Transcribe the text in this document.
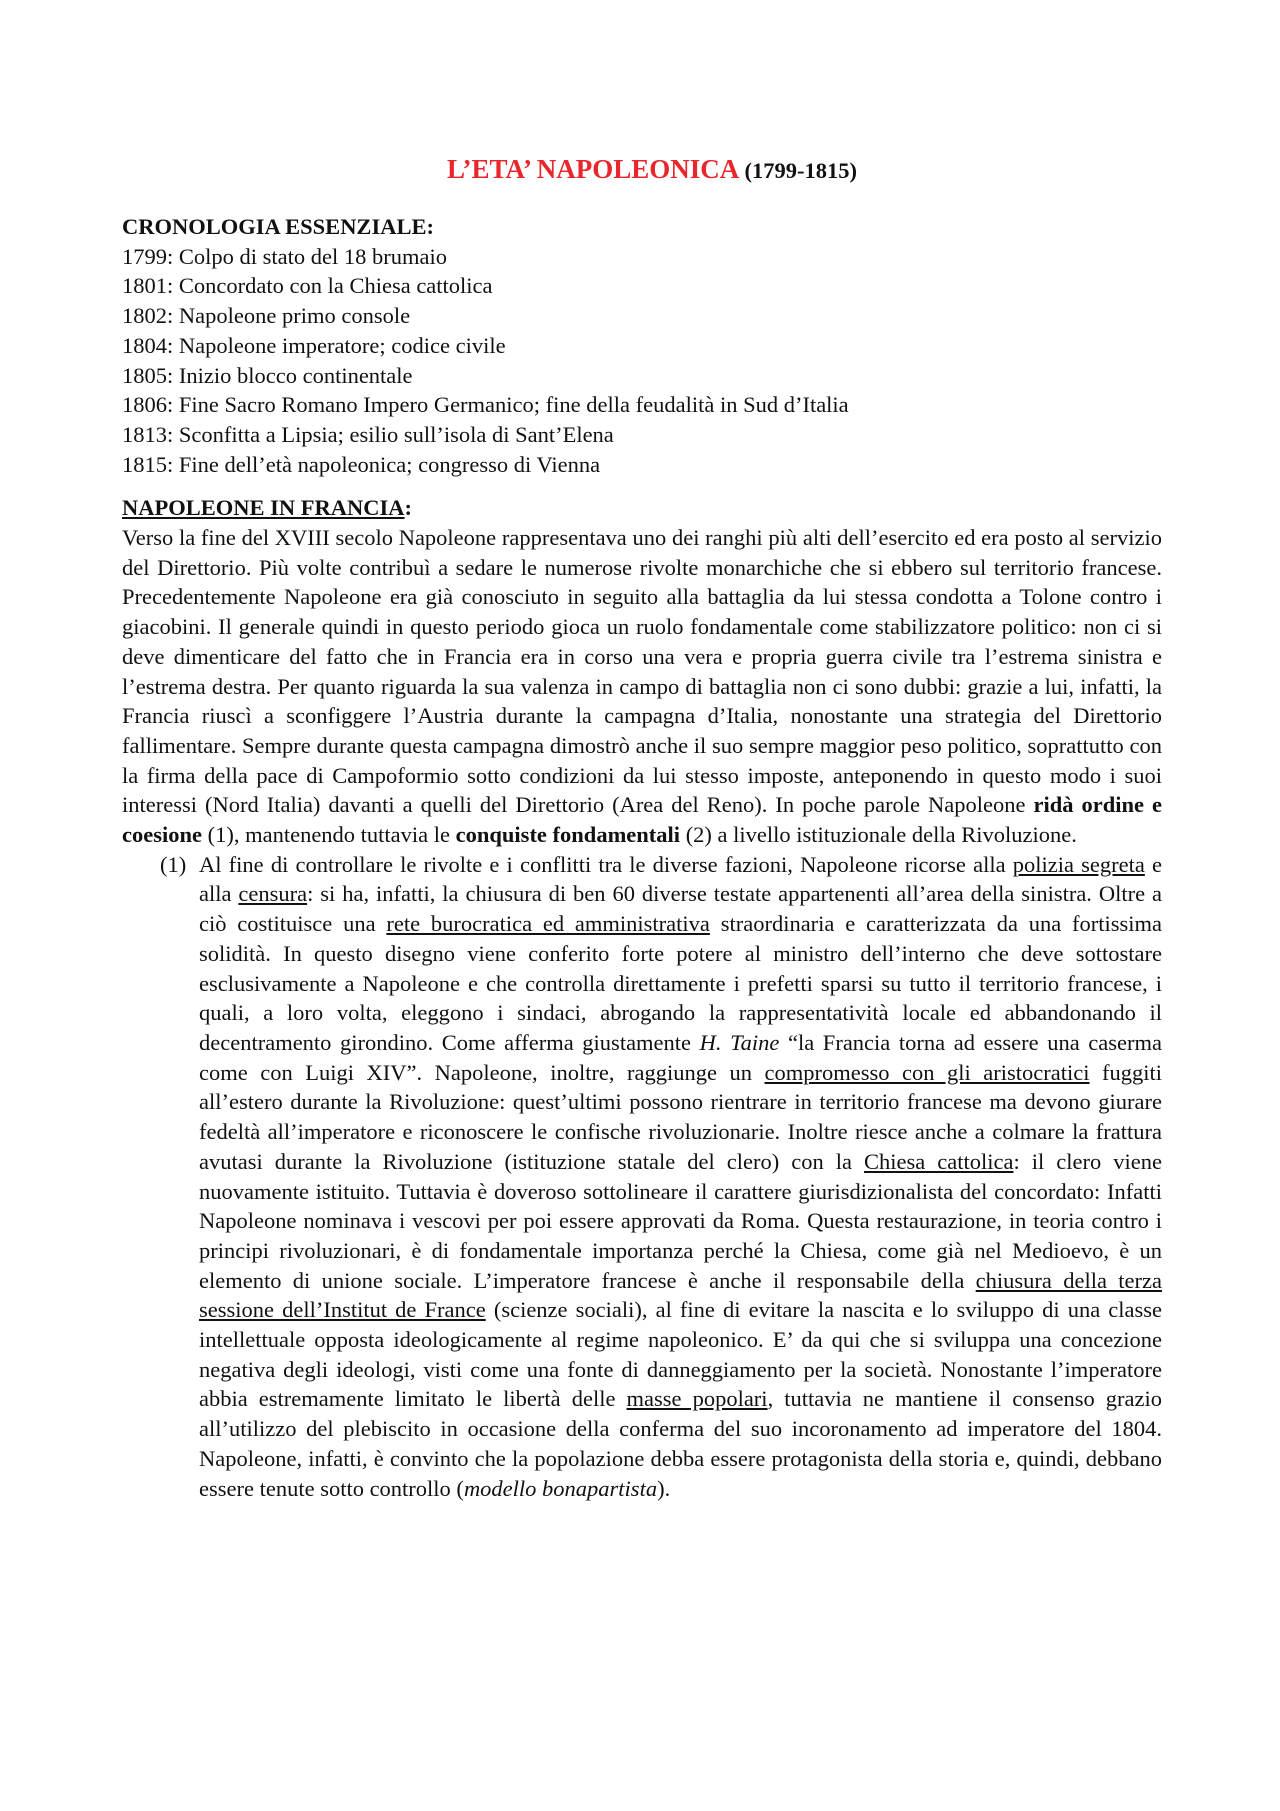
L’ETA’ NAPOLEONICA (1799-1815)
CRONOLOGIA ESSENZIALE:
1799: Colpo di stato del 18 brumaio
1801: Concordato con la Chiesa cattolica
1802: Napoleone primo console
1804: Napoleone imperatore; codice civile
1805: Inizio blocco continentale
1806: Fine Sacro Romano Impero Germanico; fine della feudalità in Sud d’Italia
1813: Sconfitta a Lipsia; esilio sull’isola di Sant’Elena
1815: Fine dell’età napoleonica; congresso di Vienna
NAPOLEONE IN FRANCIA:

Verso la fine del XVIII secolo Napoleone rappresentava uno dei ranghi più alti dell’esercito ed era posto al servizio del Direttorio. Più volte contribuì a sedare le numerose rivolte monarchiche che si ebbero sul territorio francese. Precedentemente Napoleone era già conosciuto in seguito alla battaglia da lui stessa condotta a Tolone contro i giacobini. Il generale quindi in questo periodo gioca un ruolo fondamentale come stabilizzatore politico: non ci si deve dimenticare del fatto che in Francia era in corso una vera e propria guerra civile tra l’estrema sinistra e l’estrema destra. Per quanto riguarda la sua valenza in campo di battaglia non ci sono dubbi: grazie a lui, infatti, la Francia riuscì a sconfiggere l’Austria durante la campagna d’Italia, nonostante una strategia del Direttorio fallimentare. Sempre durante questa campagna dimostrò anche il suo sempre maggior peso politico, soprattutto con la firma della pace di Campoformio sotto condizioni da lui stesso imposte, anteponendo in questo modo i suoi interessi (Nord Italia) davanti a quelli del Direttorio (Area del Reno). In poche parole Napoleone ridà ordine e coesione (1), mantenendo tuttavia le conquiste fondamentali (2) a livello istituzionale della Rivoluzione.

(1) Al fine di controllare le rivolte e i conflitti tra le diverse fazioni, Napoleone ricorse alla polizia segreta e alla censura: si ha, infatti, la chiusura di ben 60 diverse testate appartenenti all’area della sinistra. Oltre a ciò costituisce una rete burocratica ed amministrativa straordinaria e caratterizzata da una fortissima solidità. In questo disegno viene conferito forte potere al ministro dell’interno che deve sottostare esclusivamente a Napoleone e che controlla direttamente i prefetti sparsi su tutto il territorio francese, i quali, a loro volta, eleggono i sindaci, abrogando la rappresentatività locale ed abbandonando il decentramento girondino. Come afferma giustamente H. Taine “la Francia torna ad essere una caserma come con Luigi XIV”. Napoleone, inoltre, raggiunge un compromesso con gli aristocratici fuggiti all’estero durante la Rivoluzione: quest’ultimi possono rientrare in territorio francese ma devono giurare fedeltà all’imperatore e riconoscere le confische rivoluzionarie. Inoltre riesce anche a colmare la frattura avutasi durante la Rivoluzione (istituzione statale del clero) con la Chiesa cattolica: il clero viene nuovamente istituito. Tuttavia è doveroso sottolineare il carattere giurisdizionalista del concordato: Infatti Napoleone nominava i vescovi per poi essere approvati da Roma. Questa restaurazione, in teoria contro i principi rivoluzionari, è di fondamentale importanza perché la Chiesa, come già nel Medioevo, è un elemento di unione sociale. L’imperatore francese è anche il responsabile della chiusura della terza sessione dell’Institut de France (scienze sociali), al fine di evitare la nascita e lo sviluppo di una classe intellettuale opposta ideologicamente al regime napoleonico. E’ da qui che si sviluppa una concezione negativa degli ideologi, visti come una fonte di danneggiamento per la società. Nonostante l’imperatore abbia estremamente limitato le libertà delle masse popolari, tuttavia ne mantiene il consenso grazio all’utilizzo del plebiscito in occasione della conferma del suo incoronamento ad imperatore del 1804. Napoleone, infatti, è convinto che la popolazione debba essere protagonista della storia e, quindi, debbano essere tenute sotto controllo (modello bonapartista).
